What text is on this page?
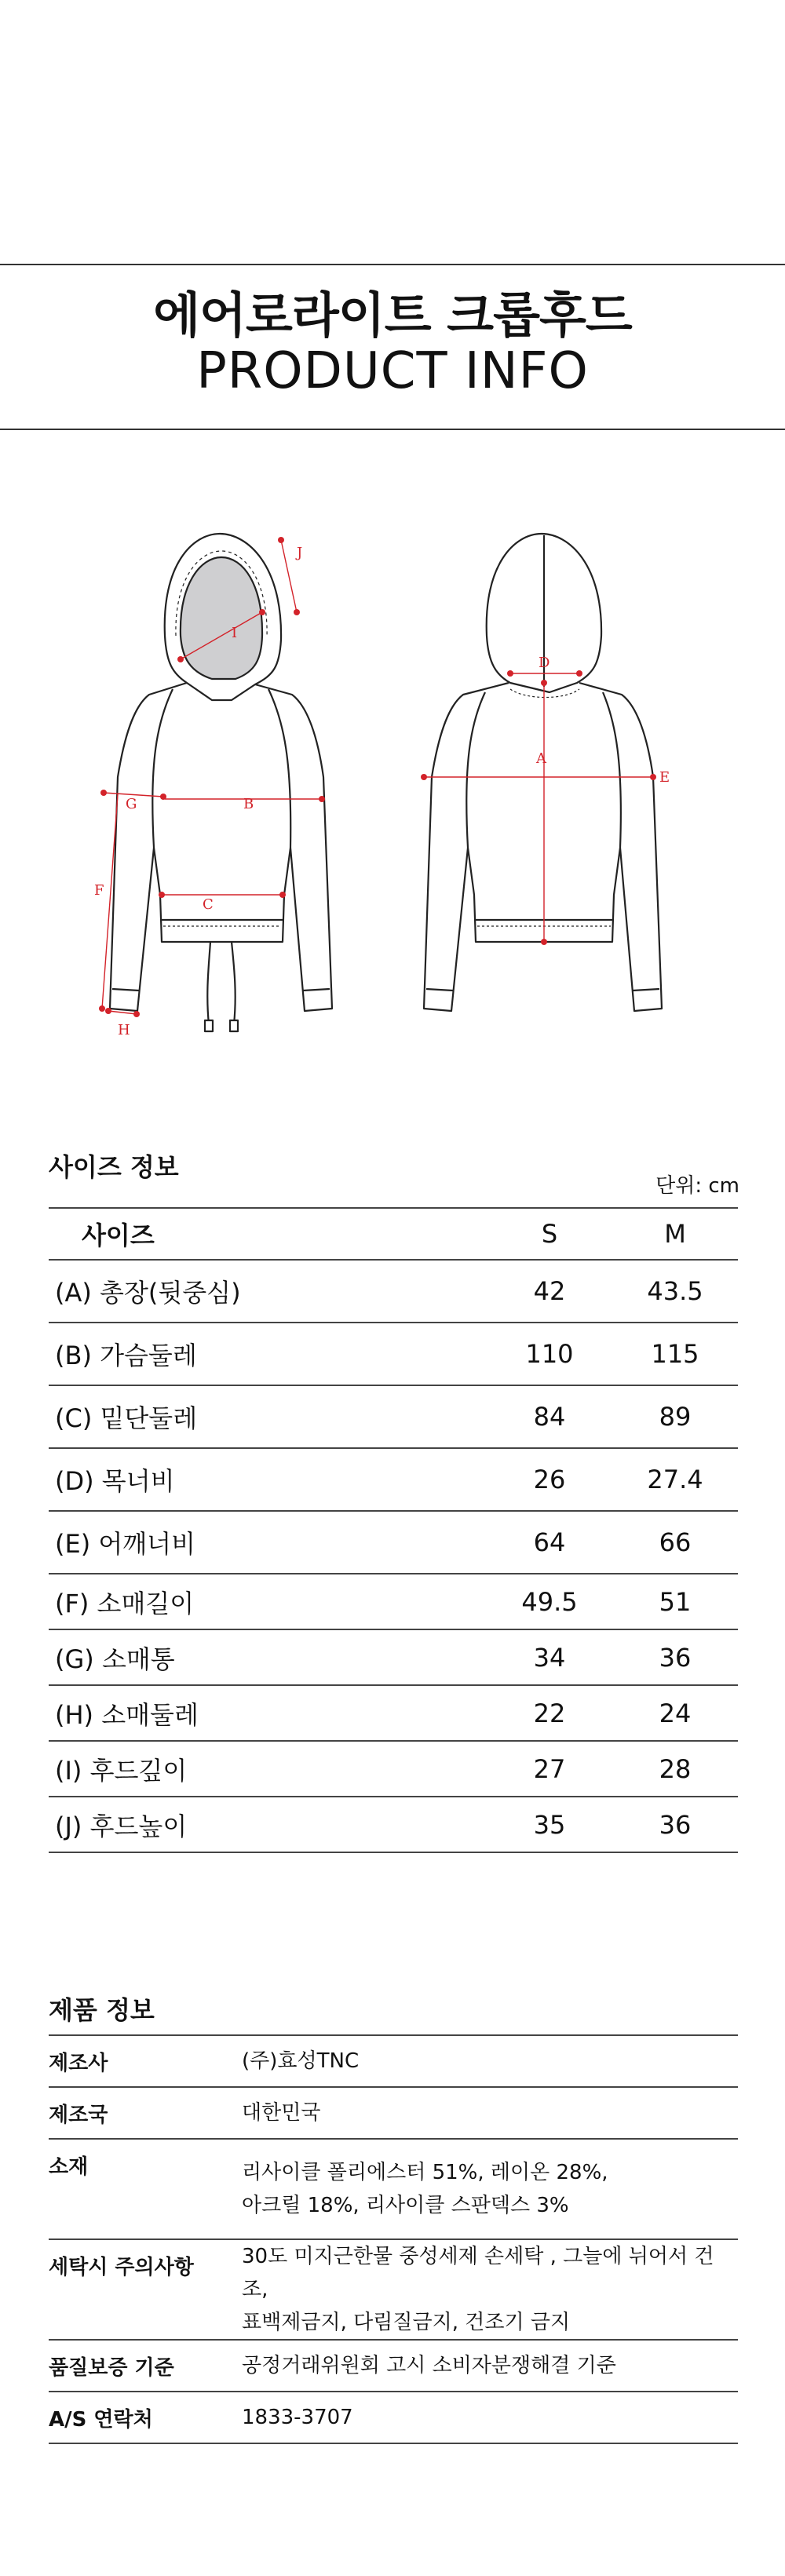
에어로라이트 크롭후드
PRODUCT INFO
J
I
G	B
F
C
H
D
A
E
사이즈 정보
단위: cm
사이즈	S	M
(A) 총장(뒷중심)	42	43.5
(B) 가슴둘레	110	115
(C) 밑단둘레	84	89
(D) 목너비	26	27.4
(E) 어깨너비	64	66
(F) 소매길이	49.5	51
(G) 소매통	34	36
(H) 소매둘레	22	24
(I) 후드깊이	27	28
(J) 후드높이	35	36
제품 정보
제조사	(주)효성TNC
제조국	대한민국
소재	리사이클 폴리에스터 51%, 레이온 28%,
아크릴 18%, 리사이클 스판덱스 3%

세탁시 주의사항	30도 미지근한물 중성세제 손세탁 , 그늘에 뉘어서 건조,
표백제금지, 다림질금지, 건조기 금지

품질보증 기준	공정거래위원회 고시 소비자분쟁해결 기준
A/S 연락처	1833-3707
